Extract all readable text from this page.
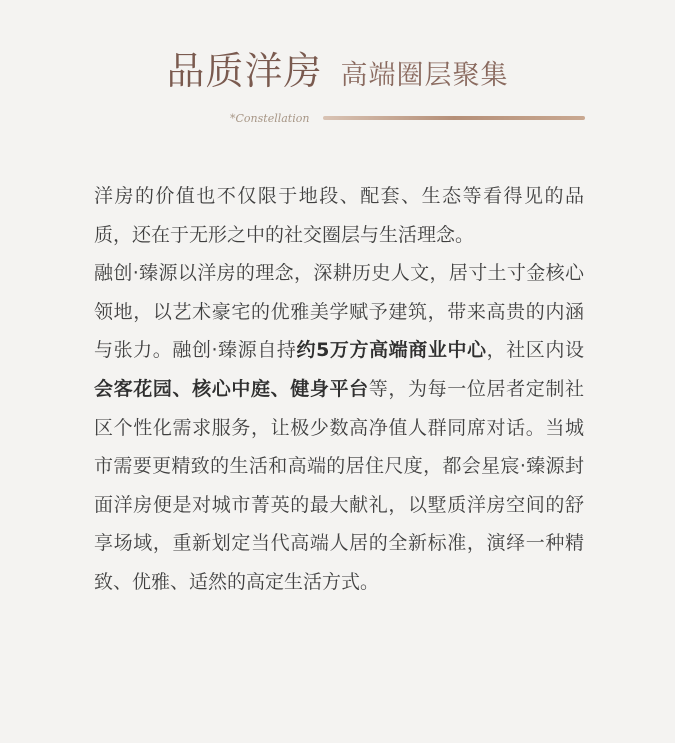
品质洋房 高端圈层聚集
*Constellation

洋房的价值也不仅限于地段、配套、生态等看得见的品质，还在于无形之中的社交圈层与生活理念。

融创·臻源以洋房的理念，深耕历史人文，居寸土寸金核心领地，以艺术豪宅的优雅美学赋予建筑，带来高贵的内涵与张力。融创·臻源自持约5万方高端商业中心，社区内设会客花园、核心中庭、健身平台等，为每一位居者定制社区个性化需求服务，让极少数高净值人群同席对话。当城市需要更精致的生活和高端的居住尺度，都会星宸·臻源封面洋房便是对城市菁英的最大献礼，以墅质洋房空间的舒享场域，重新划定当代高端人居的全新标准，演绎一种精致、优雅、适然的高定生活方式。
